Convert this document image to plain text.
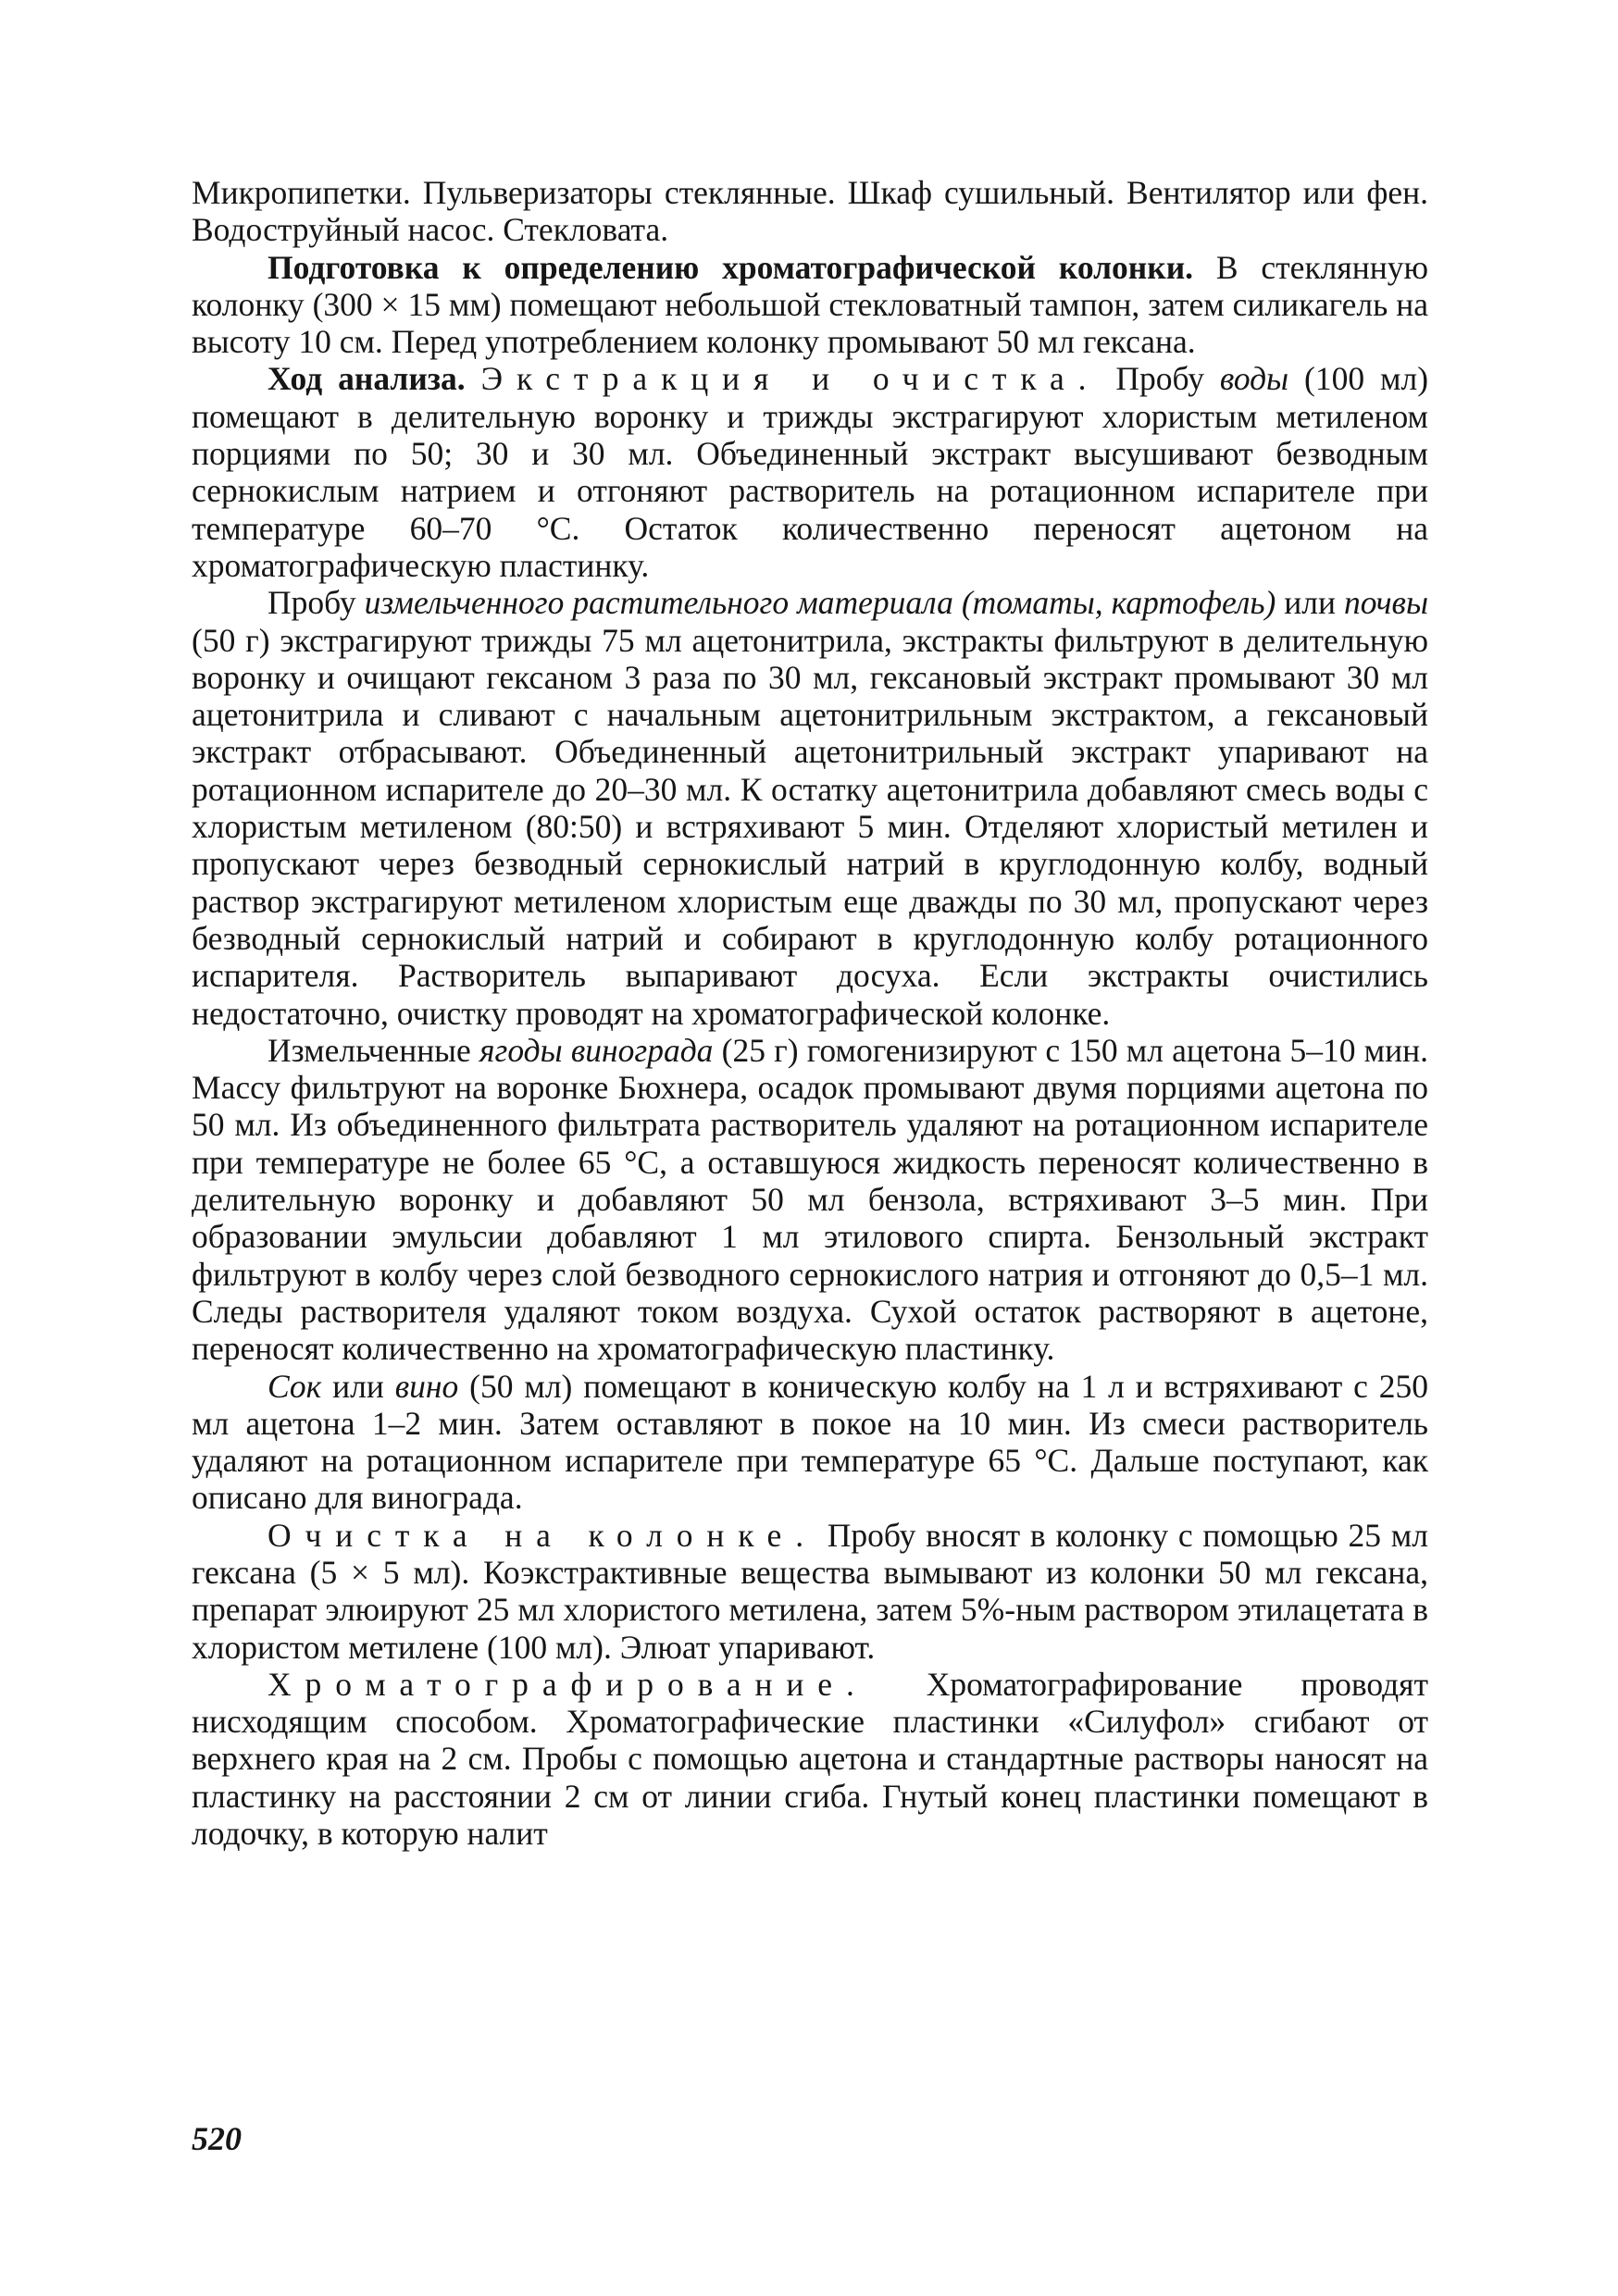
Микропипетки. Пульверизаторы стеклянные. Шкаф сушильный. Вентилятор или фен. Водоструйный насос. Стекловата.

Подготовка к определению хроматографической колонки. В стеклянную колонку (300 × 15 мм) помещают небольшой стекловатный тампон, затем силикагель на высоту 10 см. Перед употреблением колонку промывают 50 мл гексана.

Ход анализа. Экстракция и очистка. Пробу воды (100 мл) помещают в делительную воронку и трижды экстрагируют хлористым метиленом порциями по 50; 30 и 30 мл. Объединенный экстракт высушивают безводным сернокислым натрием и отгоняют растворитель на ротационном испарителе при температуре 60–70 °С. Остаток количественно переносят ацетоном на хроматографическую пластинку.

Пробу измельченного растительного материала (томаты, картофель) или почвы (50 г) экстрагируют трижды 75 мл ацетонитрила, экстракты фильтруют в делительную воронку и очищают гексаном 3 раза по 30 мл, гексановый экстракт промывают 30 мл ацетонитрила и сливают с начальным ацетонитрильным экстрактом, а гексановый экстракт отбрасывают. Объединенный ацетонитрильный экстракт упаривают на ротационном испарителе до 20–30 мл. К остатку ацетонитрила добавляют смесь воды с хлористым метиленом (80:50) и встряхивают 5 мин. Отделяют хлористый метилен и пропускают через безводный сернокислый натрий в круглодонную колбу, водный раствор экстрагируют метиленом хлористым еще дважды по 30 мл, пропускают через безводный сернокислый натрий и собирают в круглодонную колбу ротационного испарителя. Растворитель выпаривают досуха. Если экстракты очистились недостаточно, очистку проводят на хроматографической колонке.

Измельченные ягоды винограда (25 г) гомогенизируют с 150 мл ацетона 5–10 мин. Массу фильтруют на воронке Бюхнера, осадок промывают двумя порциями ацетона по 50 мл. Из объединенного фильтрата растворитель удаляют на ротационном испарителе при температуре не более 65 °С, а оставшуюся жидкость переносят количественно в делительную воронку и добавляют 50 мл бензола, встряхивают 3–5 мин. При образовании эмульсии добавляют 1 мл этилового спирта. Бензольный экстракт фильтруют в колбу через слой безводного сернокислого натрия и отгоняют до 0,5–1 мл. Следы растворителя удаляют током воздуха. Сухой остаток растворяют в ацетоне, переносят количественно на хроматографическую пластинку.

Сок или вино (50 мл) помещают в коническую колбу на 1 л и встряхивают с 250 мл ацетона 1–2 мин. Затем оставляют в покое на 10 мин. Из смеси растворитель удаляют на ротационном испарителе при температуре 65 °С. Дальше поступают, как описано для винограда.

Очистка на колонке. Пробу вносят в колонку с помощью 25 мл гексана (5 × 5 мл). Коэкстрактивные вещества вымывают из колонки 50 мл гексана, препарат элюируют 25 мл хлористого метилена, затем 5%-ным раствором этилацетата в хлористом метилене (100 мл). Элюат упаривают.

Хроматографирование. Хроматографирование проводят нисходящим способом. Хроматографические пластинки «Силуфол» сгибают от верхнего края на 2 см. Пробы с помощью ацетона и стандартные растворы наносят на пластинку на расстоянии 2 см от линии сгиба. Гнутый конец пластинки помещают в лодочку, в которую налит

520
